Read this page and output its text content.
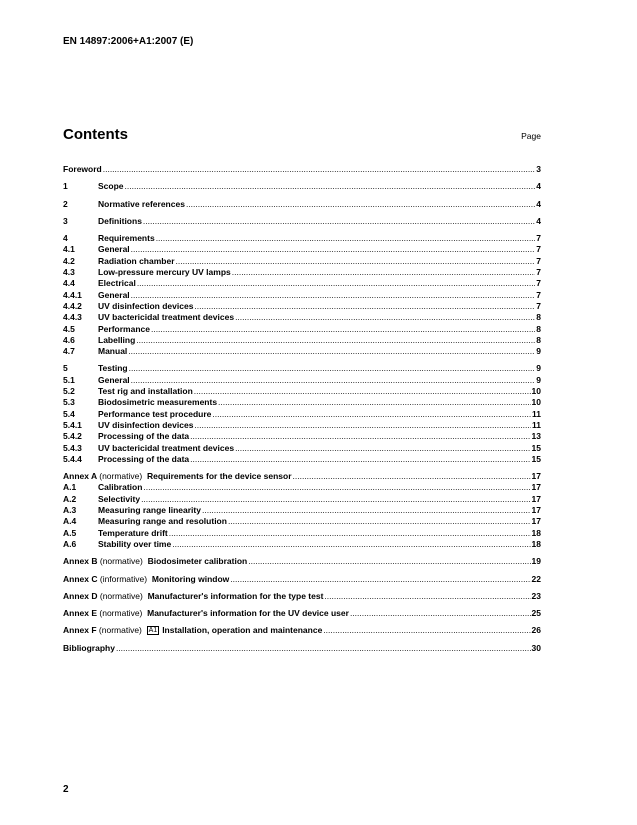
EN 14897:2006+A1:2007 (E)
Contents	Page
Foreword .....	3
1	Scope .....	4
2	Normative references .....	4
3	Definitions .....	4
4	Requirements .....	7
4.1	General .....	7
4.2	Radiation chamber .....	7
4.3	Low-pressure mercury UV lamps .....	7
4.4	Electrical .....	7
4.4.1	General .....	7
4.4.2	UV disinfection devices .....	7
4.4.3	UV bactericidal treatment devices .....	8
4.5	Performance .....	8
4.6	Labelling .....	8
4.7	Manual .....	9
5	Testing .....	9
5.1	General .....	9
5.2	Test rig and installation .....	10
5.3	Biodosimetric measurements .....	10
5.4	Performance test procedure .....	11
5.4.1	UV disinfection devices .....	11
5.4.2	Processing of the data .....	13
5.4.3	UV bactericidal treatment devices .....	15
5.4.4	Processing of the data .....	15
Annex A (normative) Requirements for the device sensor .....	17
A.1	Calibration .....	17
A.2	Selectivity .....	17
A.3	Measuring range linearity .....	17
A.4	Measuring range and resolution .....	17
A.5	Temperature drift .....	18
A.6	Stability over time .....	18
Annex B (normative) Biodosimeter calibration .....	19
Annex C (informative) Monitoring window .....	22
Annex D (normative) Manufacturer's information for the type test .....	23
Annex E (normative) Manufacturer's information for the UV device user .....	25
Annex F (normative) A1 Installation, operation and maintenance .....	26
Bibliography .....	30
2
